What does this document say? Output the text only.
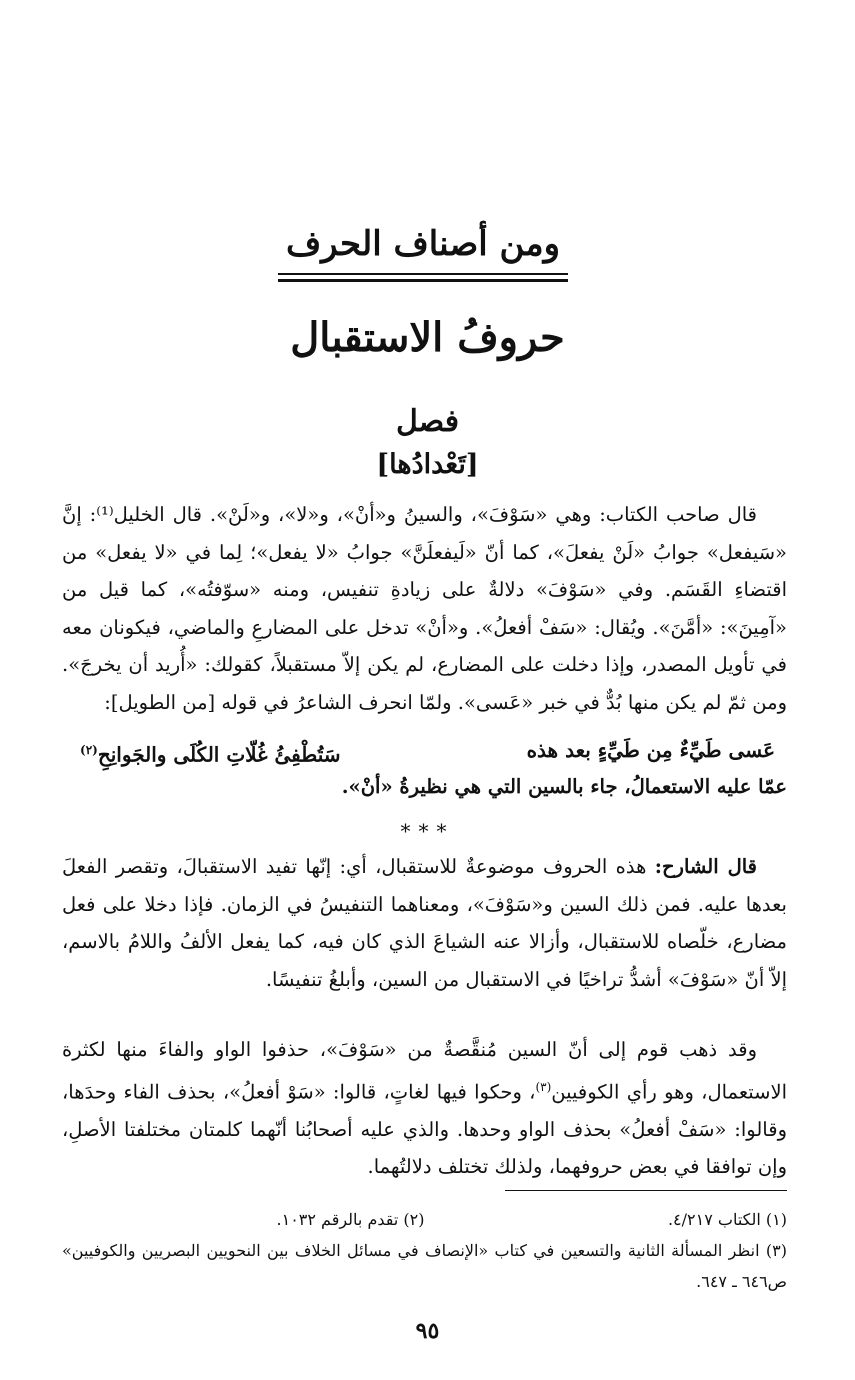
ومن أصناف الحرف
حروفُ الاستقبال
فصل
[تَعْدادُها]

قال صاحب الكتاب: وهي «سَوْفَ»، والسينُ و«أنْ»، و«لا»، و«لَنْ». قال الخليل⁽¹⁾: إنَّ «سَيفعل» جوابُ «لَنْ يفعلَ»، كما أنّ «لَيفعلَنَّ» جوابُ «لا يفعل»؛ لِما في «لا يفعل» من اقتضاءِ القَسَم. وفي «سَوْفَ» دلالةٌ على زيادةِ تنفيس، ومنه «سوّفتُه»، كما قيل من «آمِينَ»: «أمَّنَ». ويُقال: «سَفْ أفعلُ». و«أنْ» تدخل على المضارعِ والماضي، فيكونان معه في تأويل المصدر، وإذا دخلت على المضارع، لم يكن إلاّ مستقبلاً، كقولك: «أُريد أن يخرجَ». ومن ثمّ لم يكن منها بُدٌّ في خبر «عَسى». ولمّا انحرف الشاعرُ في قوله [من الطويل]:

عَسى طَيِّءٌ مِن طَيِّءٍ بعد هذه
سَتُطْفِئُ غُلّاتِ الكُلَى والجَوانِحِ$^{(٢)}$
عمّا عليه الاستعمالُ، جاء بالسين التي هي نظيرةُ «أنْ».
***

قال الشارح: هذه الحروف موضوعةٌ للاستقبال، أي: إنّها تفيد الاستقبالَ، وتقصر الفعلَ بعدها عليه. فمن ذلك السين و«سَوْفَ»، ومعناهما التنفيسُ في الزمان. فإذا دخلا على فعل مضارع، خلّصاه للاستقبال، وأزالا عنه الشياعَ الذي كان فيه، كما يفعل الألفُ واللامُ بالاسم، إلاّ أنّ «سَوْفَ» أشدُّ تراخيًا في الاستقبال من السين، وأبلغُ تنفيسًا.

وقد ذهب قوم إلى أنّ السين مُنقَّصةٌ من «سَوْفَ»، حذفوا الواو والفاءَ منها لكثرة الاستعمال، وهو رأي الكوفيين$^{(٣)}$، وحكوا فيها لغاتٍ، قالوا: «سَوْ أفعلُ»، بحذف الفاء وحدَها، وقالوا: «سَفْ أفعلُ» بحذف الواو وحدها. والذي عليه أصحابُنا أنّهما كلمتان مختلفتا الأصلِ، وإن توافقا في بعض حروفهما، ولذلك تختلف دلالتُهما.

(١) الكتاب ٤/٢١٧.
(٢) تقدم بالرقم ١٠٣٢.
(٣) انظر المسألة الثانية والتسعين في كتاب «الإنصاف في مسائل الخلاف بين النحويين البصريين والكوفيين» ص٦٤٦ ـ ٦٤٧.
٩٥
